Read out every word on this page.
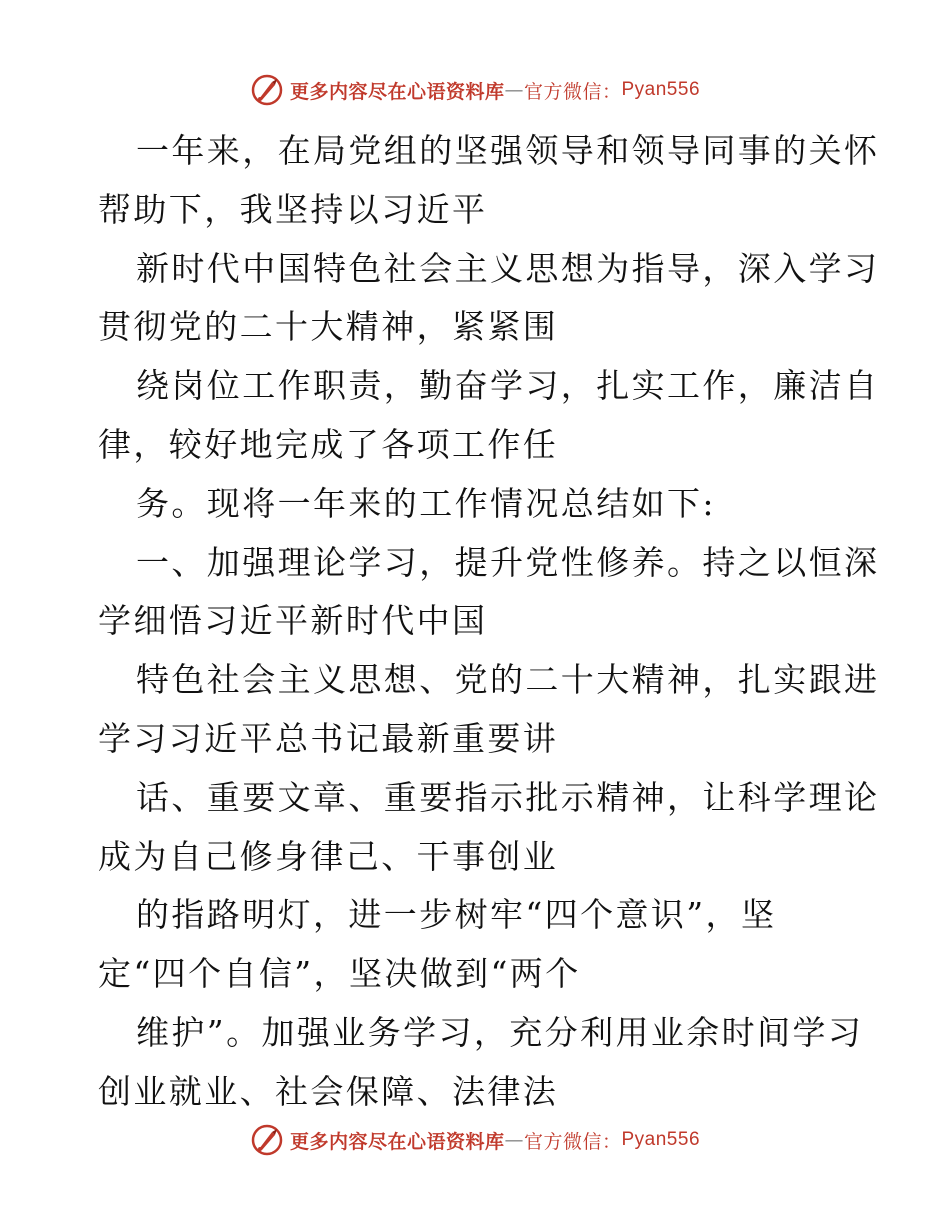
更多内容尽在心语资料库 — 官方微信： Pyan556
一年来，在局党组的坚强领导和领导同事的关怀
帮助下，我坚持以习近平
新时代中国特色社会主义思想为指导，深入学习
贯彻党的二十大精神，紧紧围
绕岗位工作职责，勤奋学习，扎实工作，廉洁自
律，较好地完成了各项工作任
务。现将一年来的工作情况总结如下:
一、加强理论学习，提升党性修养。持之以恒深
学细悟习近平新时代中国
特色社会主义思想、党的二十大精神，扎实跟进
学习习近平总书记最新重要讲
话、重要文章、重要指示批示精神，让科学理论
成为自己修身律己、干事创业
的指路明灯，进一步树牢“四个意识”，坚
定“四个自信”，坚决做到“两个
维护”。加强业务学习，充分利用业余时间学习
创业就业、社会保障、法律法
更多内容尽在心语资料库 — 官方微信： Pyan556
